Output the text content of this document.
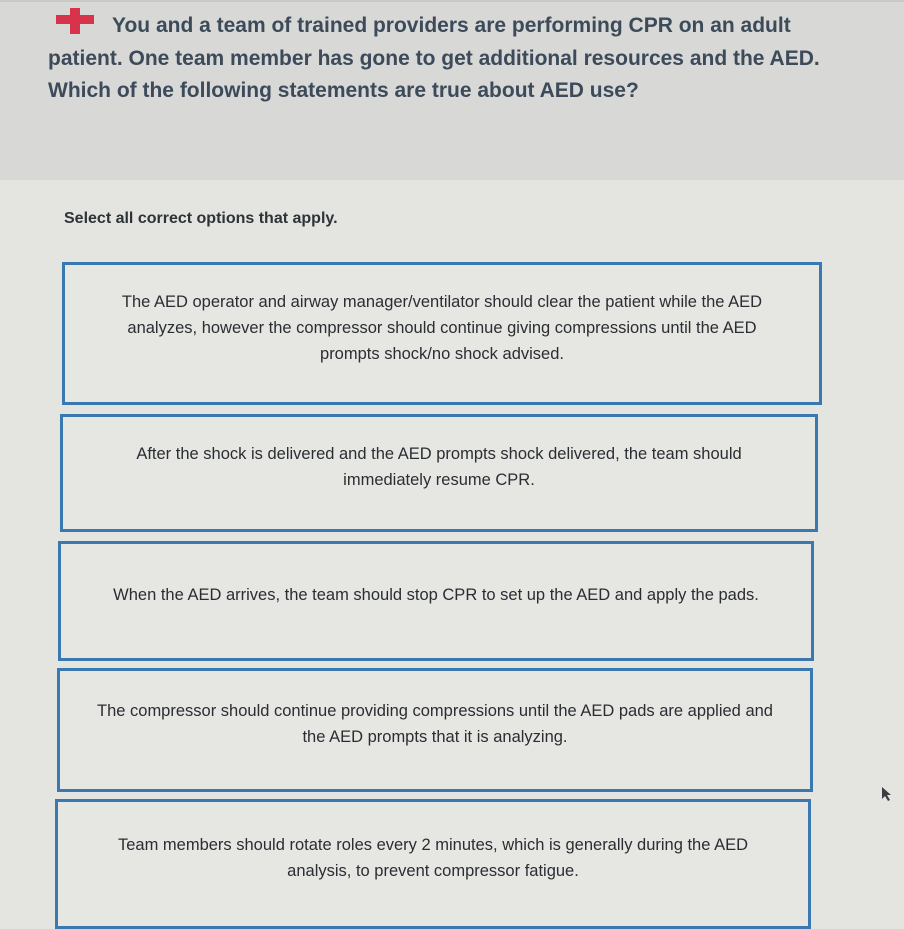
You and a team of trained providers are performing CPR on an adult patient. One team member has gone to get additional resources and the AED. Which of the following statements are true about AED use?

Select all correct options that apply.
The AED operator and airway manager/ventilator should clear the patient while the AED analyzes, however the compressor should continue giving compressions until the AED prompts shock/no shock advised.
After the shock is delivered and the AED prompts shock delivered, the team should immediately resume CPR.
When the AED arrives, the team should stop CPR to set up the AED and apply the pads.
The compressor should continue providing compressions until the AED pads are applied and the AED prompts that it is analyzing.
Team members should rotate roles every 2 minutes, which is generally during the AED analysis, to prevent compressor fatigue.
